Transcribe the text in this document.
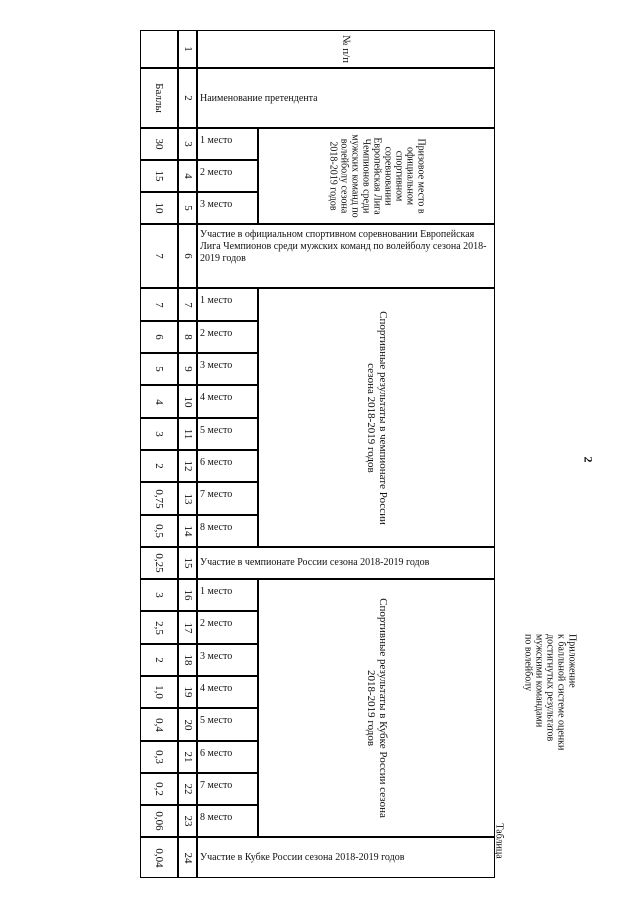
2
Приложение
к балльной системе оценки
достигнутых результатов
мужскими командами
по волейболу
Таблица
1	№ п/п
Баллы 2 Наименование претендента
30 3 1 место
15 4 2 место
10 5 3 место
7 6
Участие в официальном спортивном соревновании Европейская Лига Чемпионов среди мужских команд по волейболу сезона 2018-2019 годов
7 7 1 место
6 8 2 место
5 9 3 место
4 10 4 место
3 11 5 место
2 12 6 место
0,75 13 7 место
0,5 14 8 место
0,25 15 Участие в чемпионате России сезона 2018-2019 годов
3 16 1 место
2,5 17 2 место
2 18 3 место
1,0 19 4 место
0,4 20 5 место
0,3 21 6 место
0,2 22 7 место
0,06 23 8 место
0,04 24 Участие в Кубке России сезона 2018-2019 годов
Призовое место в официальном спортивном соревновании Европейская Лига Чемпионов среди мужских команд по волейболу сезона 2018-2019 годов
Спортивные результаты в чемпионате России сезона 2018-2019 годов
Спортивные результаты в Кубке России сезона 2018-2019 годов
